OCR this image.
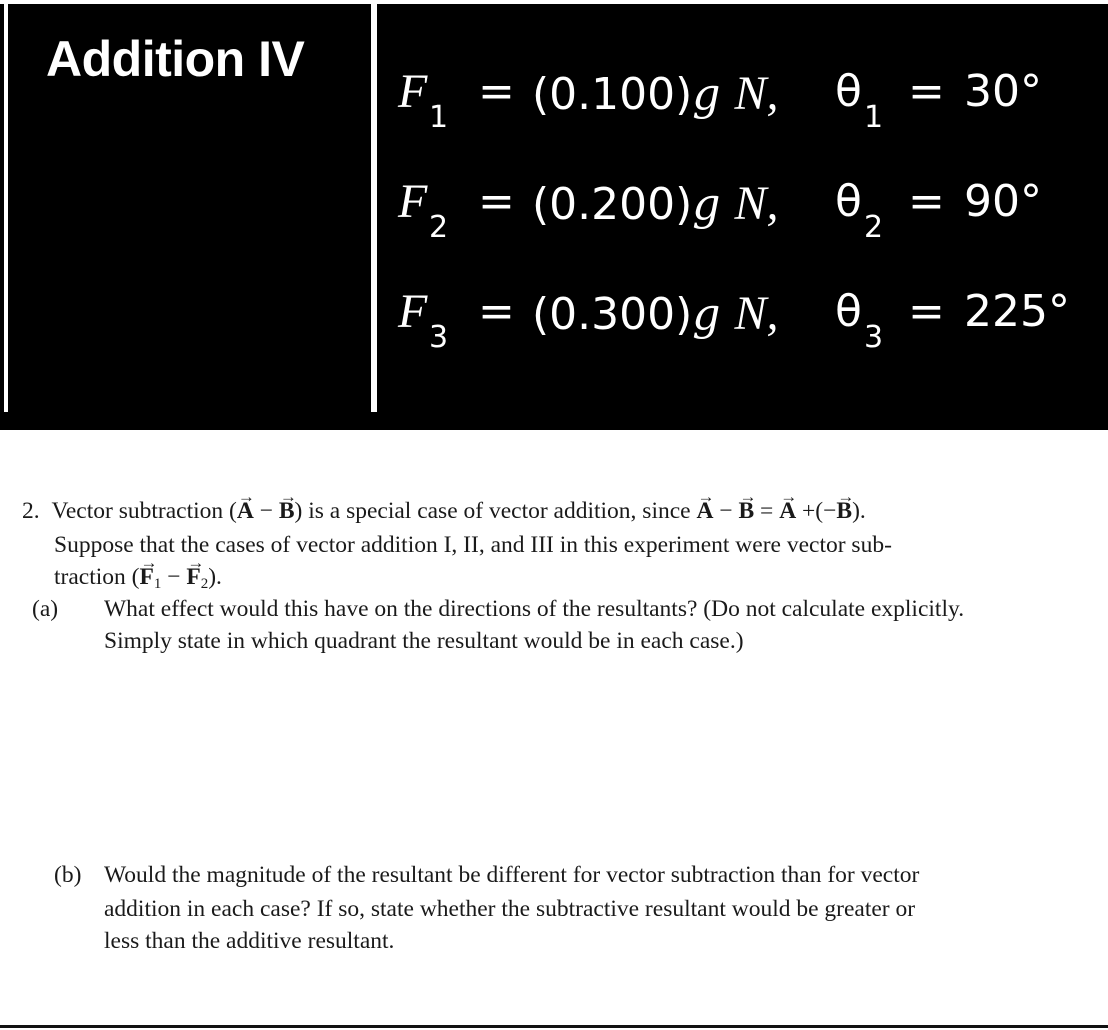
Addition IV
F 1
= (0.100)g N, θ
1
= 30°
F 2
= (0.200)g N, θ
2
= 90°
F 3
= (0.300)g N, θ
3
= 225°
2. Vector subtraction (→ A − → B) is a special case of vector addition, since → A − → B = → A +(−→ B).
Suppose that the cases of vector addition I, II, and III in this experiment were vector sub-
traction (→ F1 − → F2).
(a) What effect would this have on the directions of the resultants? (Do not calculate explicitly.
Simply state in which quadrant the resultant would be in each case.)
(b) Would the magnitude of the resultant be different for vector subtraction than for vector
addition in each case? If so, state whether the subtractive resultant would be greater or
less than the additive resultant.
